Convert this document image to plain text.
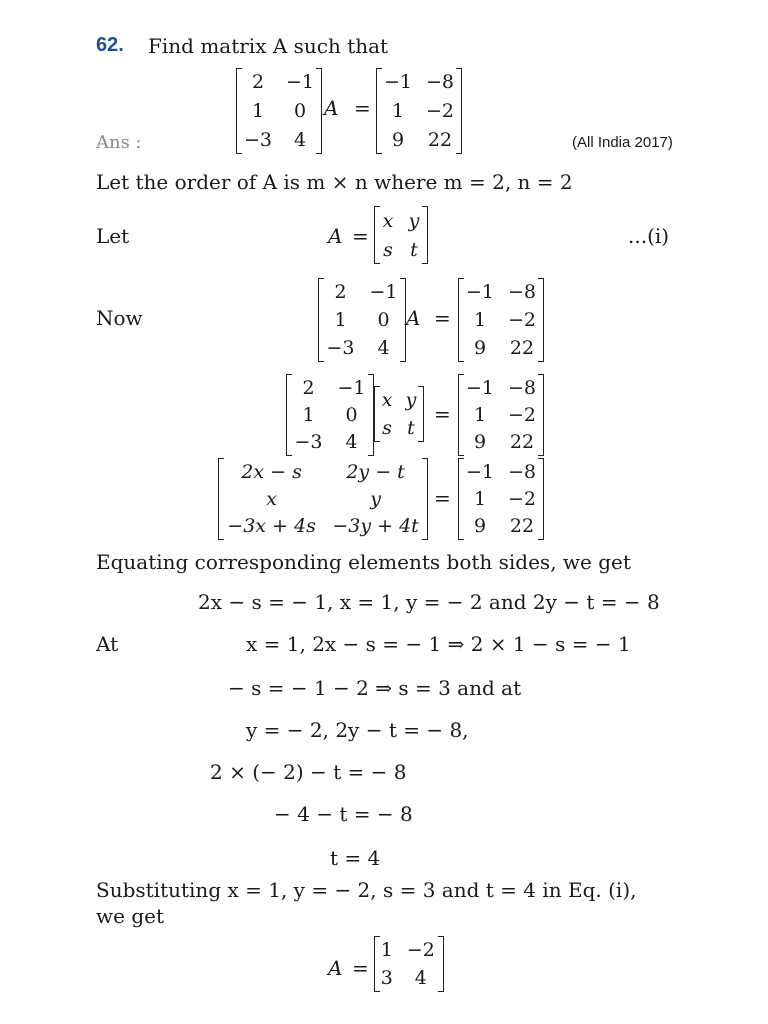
62. Find matrix A such that
2	−1
1	0
−3	4
A =
−1	−8
1	−2
9	22
Ans :	(All India 2017)
Let the order of A is m × n where m = 2, n = 2
Let	A =
x	y
s	t
...(i)
Now
2	−1
1	0
−3	4
A =
−1	−8
1	−2
9	22
2	−1
1	0
−3	4
x	y
s	t
=
−1	−8
1	−2
9	22
2x − s	2y − t
x	y
−3x + 4s	−3y + 4t
=
−1	−8
1	−2
9	22
Equating corresponding elements both sides, we get
2x − s = − 1, x = 1, y = − 2 and 2y − t = − 8
At	x = 1, 2x − s = − 1 ⇒ 2 × 1 − s = − 1
− s = − 1 − 2 ⇒ s = 3 and at
y = − 2, 2y − t = − 8,
2 × (− 2) − t = − 8
− 4 − t = − 8
t = 4
Substituting x = 1, y = − 2, s = 3 and t = 4 in Eq. (i),
we get
A =
1	−2
3	4
